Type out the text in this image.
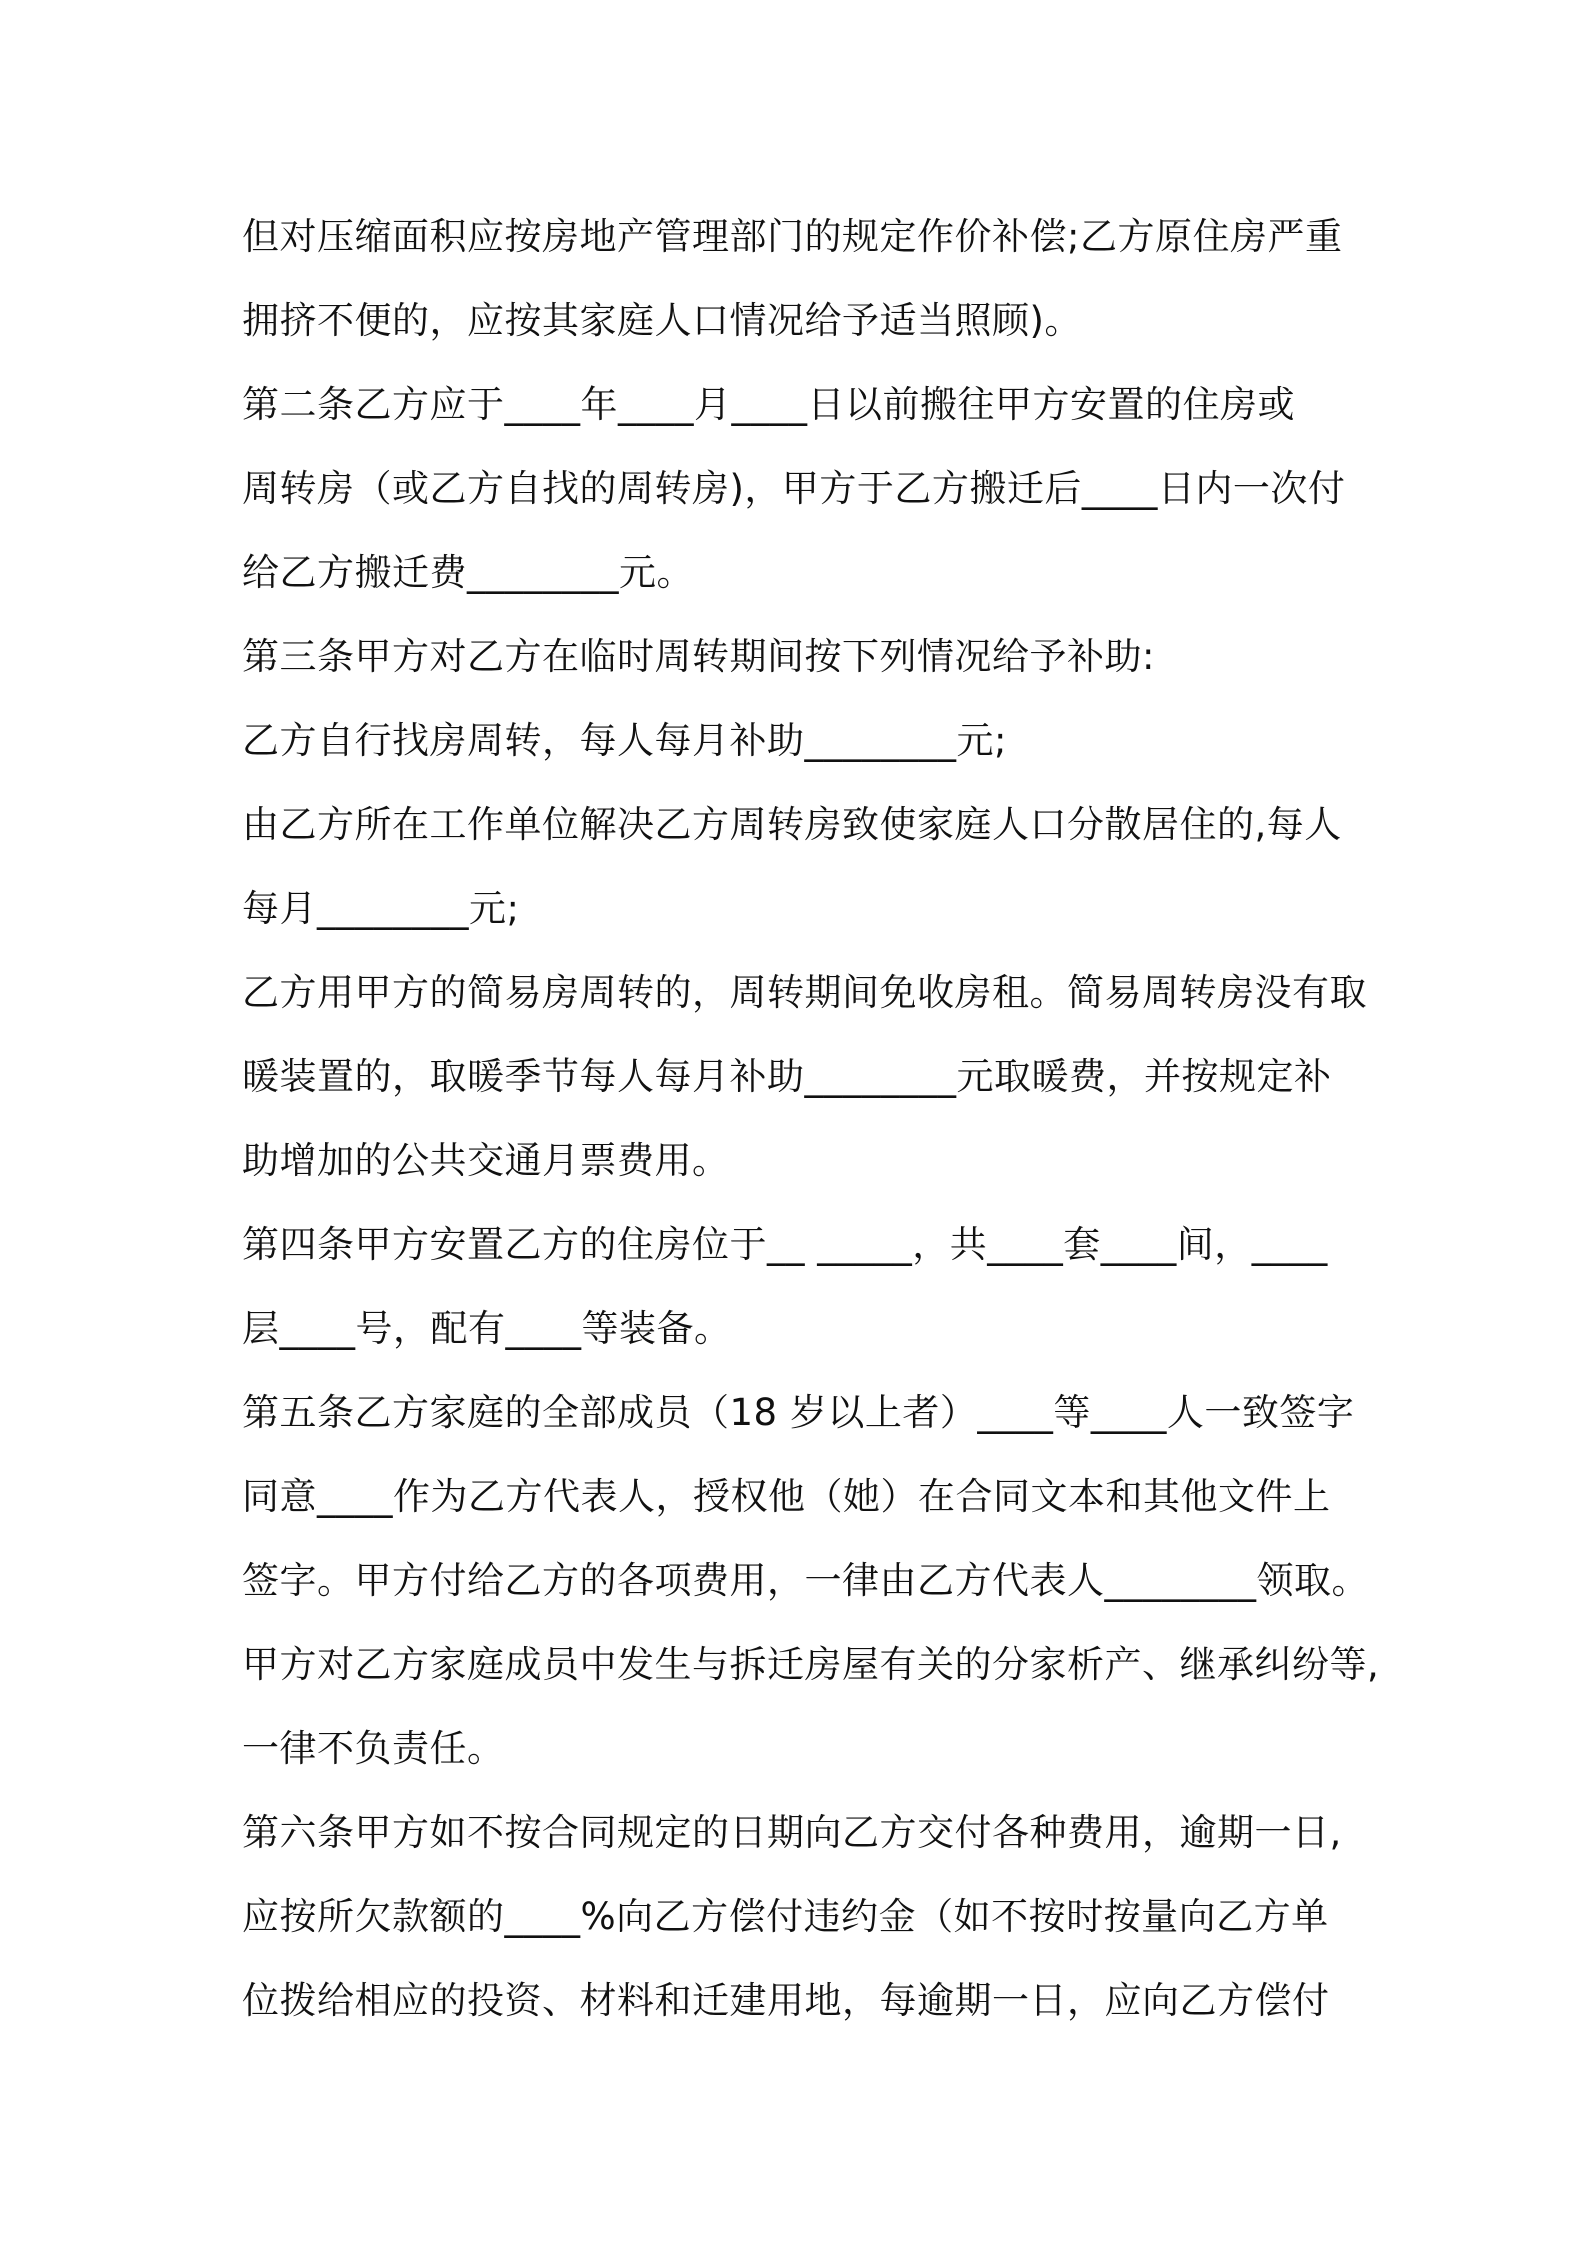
但对压缩面积应按房地产管理部门的规定作价补偿;乙方原住房严重
拥挤不便的，应按其家庭人口情况给予适当照顾)。
第二条乙方应于____年____月____日以前搬往甲方安置的住房或
周转房（或乙方自找的周转房)，甲方于乙方搬迁后____日内一次付
给乙方搬迁费________元。
第三条甲方对乙方在临时周转期间按下列情况给予补助:
乙方自行找房周转，每人每月补助________元;
由乙方所在工作单位解决乙方周转房致使家庭人口分散居住的,每人
每月________元;
乙方用甲方的简易房周转的，周转期间免收房租。简易周转房没有取
暖装置的，取暖季节每人每月补助________元取暖费，并按规定补
助增加的公共交通月票费用。
第四条甲方安置乙方的住房位于__ _____，共____套____间，____
层____号，配有____等装备。
第五条乙方家庭的全部成员（18 岁以上者）____等____人一致签字
同意____作为乙方代表人，授权他（她）在合同文本和其他文件上
签字。甲方付给乙方的各项费用，一律由乙方代表人________领取。
甲方对乙方家庭成员中发生与拆迁房屋有关的分家析产、继承纠纷等,
一律不负责任。
第六条甲方如不按合同规定的日期向乙方交付各种费用，逾期一日,
应按所欠款额的____%向乙方偿付违约金（如不按时按量向乙方单
位拨给相应的投资、材料和迁建用地，每逾期一日，应向乙方偿付
